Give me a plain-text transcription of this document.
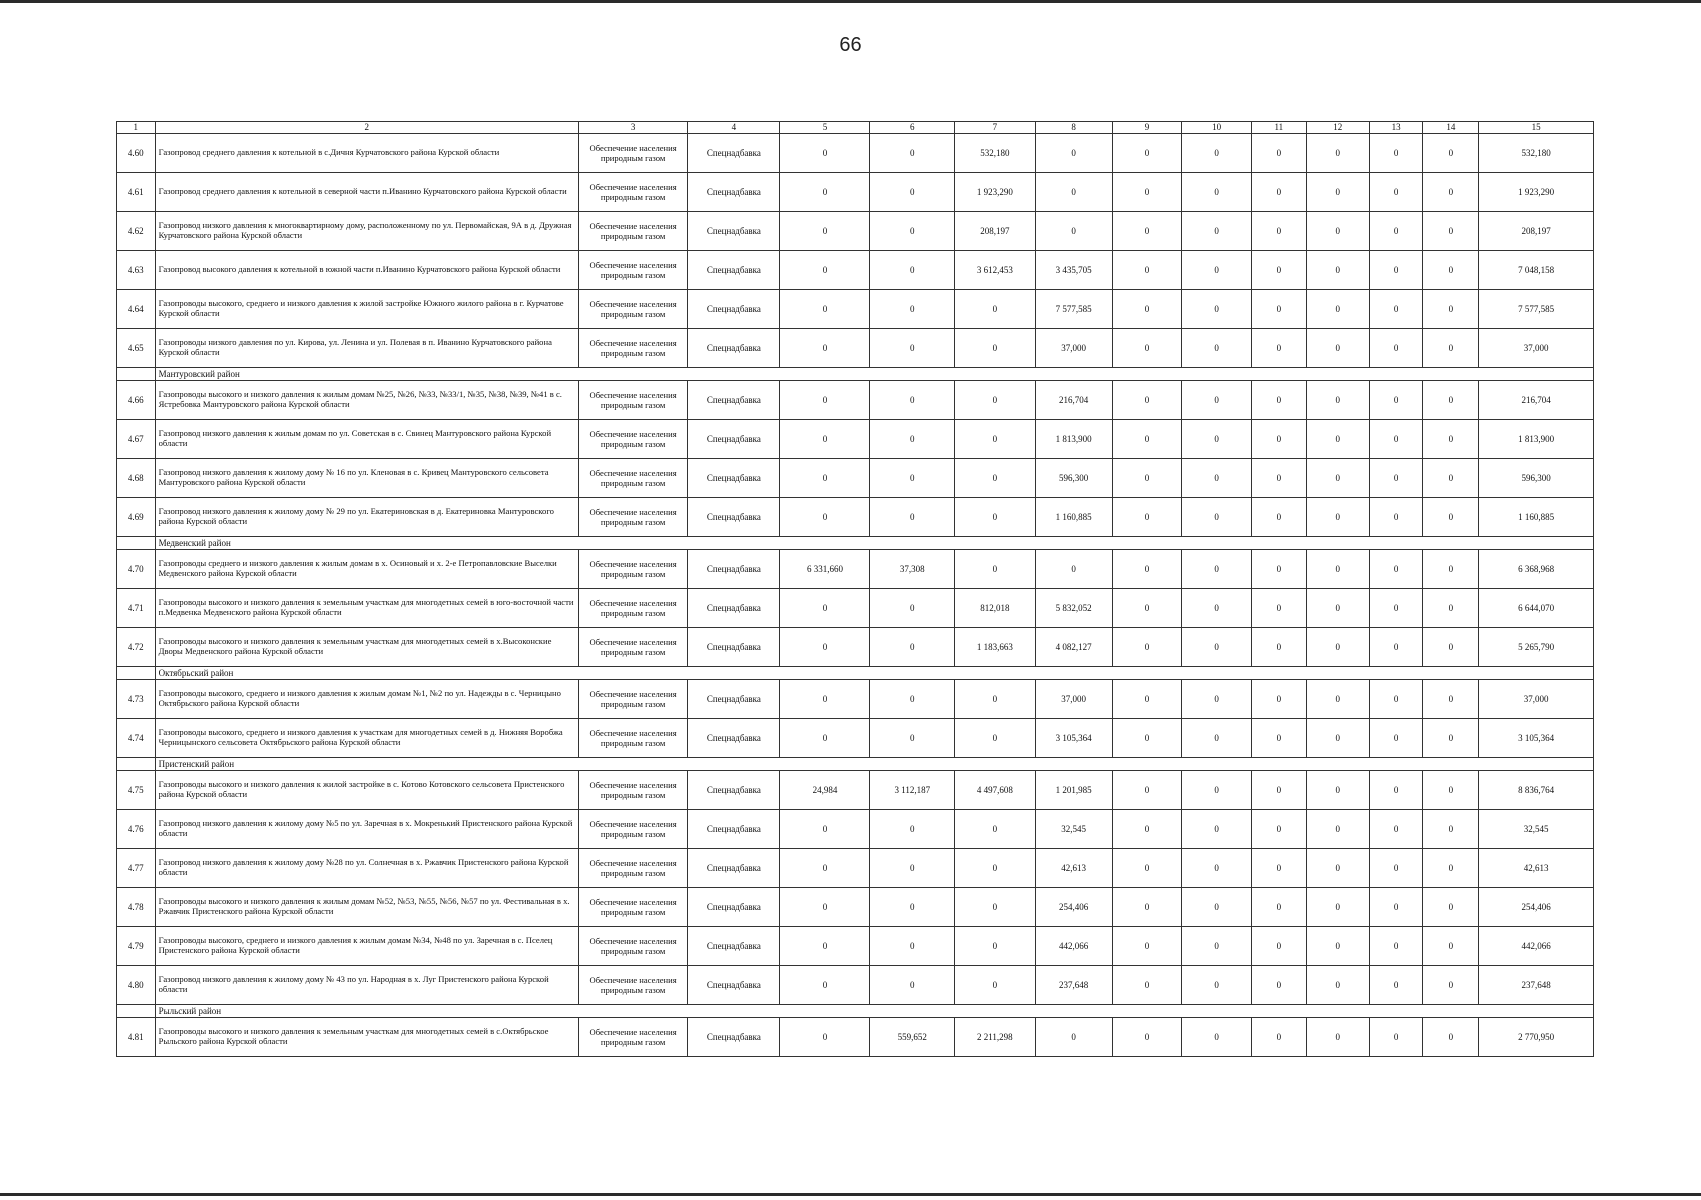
66
1	2	3	4	5	6	7	8	9	10	11	12	13	14	15
4.60	Газопровод среднего давления к котельной в с.Дичня Курчатовского района Курской области	Обеспечение населения природным газом	Спецнадбавка	0	0	532,180	0	0	0	0	0	0	0	532,180
4.61	Газопровод среднего давления к котельной в северной части п.Иванино Курчатовского района Курской области	Обеспечение населения природным газом	Спецнадбавка	0	0	1 923,290	0	0	0	0	0	0	0	1 923,290
4.62	Газопровод низкого давления к многоквартирному дому, расположенному по ул. Первомайская, 9А в д. Дружная Курчатовского района Курской области	Обеспечение населения природным газом	Спецнадбавка	0	0	208,197	0	0	0	0	0	0	0	208,197
4.63	Газопровод высокого давления к котельной в южной части п.Иванино Курчатовского района Курской области	Обеспечение населения природным газом	Спецнадбавка	0	0	3 612,453	3 435,705	0	0	0	0	0	0	7 048,158
4.64	Газопроводы высокого, среднего и низкого давления к жилой застройке Южного жилого района в г. Курчатове Курской области	Обеспечение населения природным газом	Спецнадбавка	0	0	0	7 577,585	0	0	0	0	0	0	7 577,585
4.65	Газопроводы низкого давления по ул. Кирова, ул. Ленина и ул. Полевая в п. Иванино Курчатовского района Курской области	Обеспечение населения природным газом	Спецнадбавка	0	0	0	37,000	0	0	0	0	0	0	37,000
	Мантуровский район													
4.66	Газопроводы высокого и низкого давления к жилым домам №25, №26, №33, №33/1, №35, №38, №39, №41 в с. Ястребовка Мантуровского района Курской области	Обеспечение населения природным газом	Спецнадбавка	0	0	0	216,704	0	0	0	0	0	0	216,704
4.67	Газопровод низкого давления к жилым домам по ул. Советская в с. Свинец Мантуровского района Курской области	Обеспечение населения природным газом	Спецнадбавка	0	0	0	1 813,900	0	0	0	0	0	0	1 813,900
4.68	Газопровод низкого давления к жилому дому № 16 по ул. Кленовая в с. Кривец Мантуровского сельсовета Мантуровского района Курской области	Обеспечение населения природным газом	Спецнадбавка	0	0	0	596,300	0	0	0	0	0	0	596,300
4.69	Газопровод низкого давления к жилому дому № 29 по ул. Екатериновская в д. Екатериновка Мантуровского района Курской области	Обеспечение населения природным газом	Спецнадбавка	0	0	0	1 160,885	0	0	0	0	0	0	1 160,885
	Медвенский район													
4.70	Газопроводы среднего и низкого давления к жилым домам в х. Осиновый и х. 2-е Петропавловские Выселки Медвенского района Курской области	Обеспечение населения природным газом	Спецнадбавка	6 331,660	37,308	0	0	0	0	0	0	0	0	6 368,968
4.71	Газопроводы высокого и низкого давления к земельным участкам для многодетных семей в юго-восточной части п.Медвенка Медвенского района Курской области	Обеспечение населения природным газом	Спецнадбавка	0	0	812,018	5 832,052	0	0	0	0	0	0	6 644,070
4.72	Газопроводы высокого и низкого давления к земельным участкам для многодетных семей в х.Высоконские Дворы Медвенского района Курской области	Обеспечение населения природным газом	Спецнадбавка	0	0	1 183,663	4 082,127	0	0	0	0	0	0	5 265,790
	Октябрьский район													
4.73	Газопроводы высокого, среднего и низкого давления к жилым домам №1, №2 по ул. Надежды в с. Черницыно Октябрьского района Курской области	Обеспечение населения природным газом	Спецнадбавка	0	0	0	37,000	0	0	0	0	0	0	37,000
4.74	Газопроводы высокого, среднего и низкого давления к участкам для многодетных семей в д. Нижняя Воробжа Черницынского сельсовета Октябрьского района Курской области	Обеспечение населения природным газом	Спецнадбавка	0	0	0	3 105,364	0	0	0	0	0	0	3 105,364
	Пристенский район													
4.75	Газопроводы высокого и низкого давления к жилой застройке в с. Котово Котовского сельсовета Пристенского района Курской области	Обеспечение населения природным газом	Спецнадбавка	24,984	3 112,187	4 497,608	1 201,985	0	0	0	0	0	0	8 836,764
4.76	Газопровод низкого давления к жилому дому №5 по ул. Заречная в х. Мокренький Пристенского района Курской области	Обеспечение населения природным газом	Спецнадбавка	0	0	0	32,545	0	0	0	0	0	0	32,545
4.77	Газопровод низкого давления к жилому дому №28 по ул. Солнечная в х. Ржавчик Пристенского района Курской области	Обеспечение населения природным газом	Спецнадбавка	0	0	0	42,613	0	0	0	0	0	0	42,613
4.78	Газопроводы высокого и низкого давления к жилым домам №52, №53, №55, №56, №57 по ул. Фестивальная в х. Ржавчик Пристенского района Курской области	Обеспечение населения природным газом	Спецнадбавка	0	0	0	254,406	0	0	0	0	0	0	254,406
4.79	Газопроводы высокого, среднего и низкого давления к жилым домам №34, №48 по ул. Заречная в с. Пселец Пристенского района Курской области	Обеспечение населения природным газом	Спецнадбавка	0	0	0	442,066	0	0	0	0	0	0	442,066
4.80	Газопровод низкого давления к жилому дому № 43 по ул. Народная в х. Луг Пристенского района Курской области	Обеспечение населения природным газом	Спецнадбавка	0	0	0	237,648	0	0	0	0	0	0	237,648
	Рыльский район													
4.81	Газопроводы высокого и низкого давления к земельным участкам для многодетных семей в с.Октябрьское Рыльского района Курской области	Обеспечение населения природным газом	Спецнадбавка	0	559,652	2 211,298	0	0	0	0	0	0	0	2 770,950
